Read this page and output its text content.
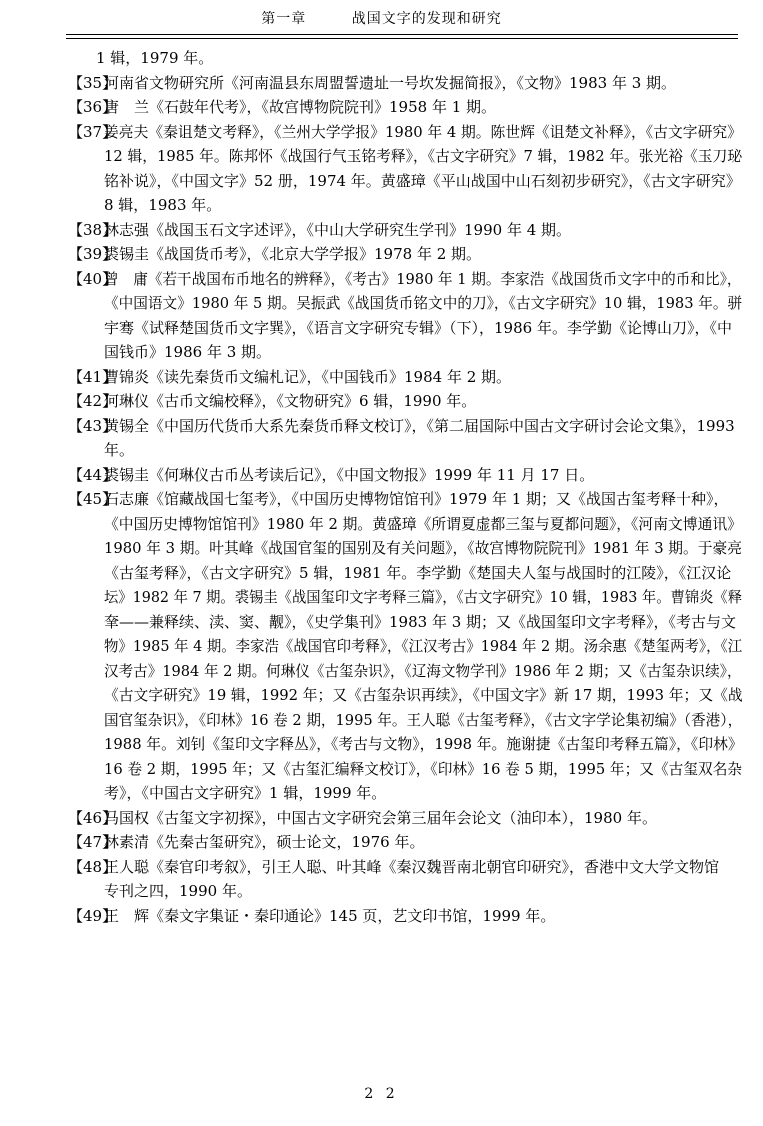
第一章	战国文字的发现和研究

1 辑，1979 年。

【35】
河南省文物研究所《河南温县东周盟誓遗址一号坎发掘简报》，《文物》1983 年 3 期。

【36】
唐　兰《石鼓年代考》，《故宫博物院院刊》1958 年 1 期。

【37】
姜亮夫《秦诅楚文考释》，《兰州大学学报》1980 年 4 期。陈世辉《诅楚文补释》，《古文字研究》
12 辑，1985 年。陈邦怀《战国行气玉铭考释》，《古文字研究》7 辑，1982 年。张光裕《玉刀珌
铭补说》，《中国文字》52 册，1974 年。黄盛璋《平山战国中山石刻初步研究》，《古文字研究》
8 辑，1983 年。

【38】
林志强《战国玉石文字述评》，《中山大学研究生学刊》1990 年 4 期。

【39】
裘锡圭《战国货币考》，《北京大学学报》1978 年 2 期。

【40】
曾　庸《若干战国布币地名的辨释》，《考古》1980 年 1 期。李家浩《战国货币文字中的币和比》，
《中国语文》1980 年 5 期。吴振武《战国货币铭文中的刀》，《古文字研究》10 辑，1983 年。骈
宇骞《试释楚国货币文字巽》，《语言文字研究专辑》（下），1986 年。李学勤《论博山刀》，《中
国钱币》1986 年 3 期。

【41】
曹锦炎《读先秦货币文编札记》，《中国钱币》1984 年 2 期。

【42】
何琳仪《古币文编校释》，《文物研究》6 辑，1990 年。

【43】
黄锡全《中国历代货币大系先秦货币释文校订》，《第二届国际中国古文字研讨会论文集》，1993
年。

【44】
裘锡圭《何琳仪古币丛考读后记》，《中国文物报》1999 年 11 月 17 日。

【45】
石志廉《馆藏战国七玺考》，《中国历史博物馆馆刊》1979 年 1 期；又《战国古玺考释十种》，
《中国历史博物馆馆刊》1980 年 2 期。黄盛璋《所谓夏虚都三玺与夏都问题》，《河南文博通讯》
1980 年 3 期。叶其峰《战国官玺的国别及有关问题》，《故宫博物院院刊》1981 年 3 期。于豪亮
《古玺考释》，《古文字研究》5 辑，1981 年。李学勤《楚国夫人玺与战国时的江陵》，《江汉论
坛》1982 年 7 期。裘锡圭《战国玺印文字考释三篇》，《古文字研究》10 辑，1983 年。曹锦炎《释
羍——兼释续、渎、窦、觏》，《史学集刊》1983 年 3 期；又《战国玺印文字考释》，《考古与文
物》1985 年 4 期。李家浩《战国官印考释》，《江汉考古》1984 年 2 期。汤余惠《楚玺两考》，《江
汉考古》1984 年 2 期。何琳仪《古玺杂识》，《辽海文物学刊》1986 年 2 期；又《古玺杂识续》，
《古文字研究》19 辑，1992 年；又《古玺杂识再续》，《中国文字》新 17 期，1993 年；又《战
国官玺杂识》，《印林》16 卷 2 期，1995 年。王人聪《古玺考释》，《古文字学论集初编》（香港），
1988 年。刘钊《玺印文字释丛》，《考古与文物》，1998 年。施谢捷《古玺印考释五篇》，《印林》
16 卷 2 期，1995 年；又《古玺汇编释文校订》，《印林》16 卷 5 期，1995 年；又《古玺双名杂
考》，《中国古文字研究》1 辑，1999 年。

【46】
马国权《古玺文字初探》，中国古文字研究会第三届年会论文（油印本），1980 年。

【47】
林素清《先秦古玺研究》，硕士论文，1976 年。

【48】
王人聪《秦官印考叙》，引王人聪、叶其峰《秦汉魏晋南北朝官印研究》，香港中文大学文物馆
专刊之四，1990 年。

【49】
王　辉《秦文字集证・秦印通论》145 页，艺文印书馆，1999 年。

2 2
